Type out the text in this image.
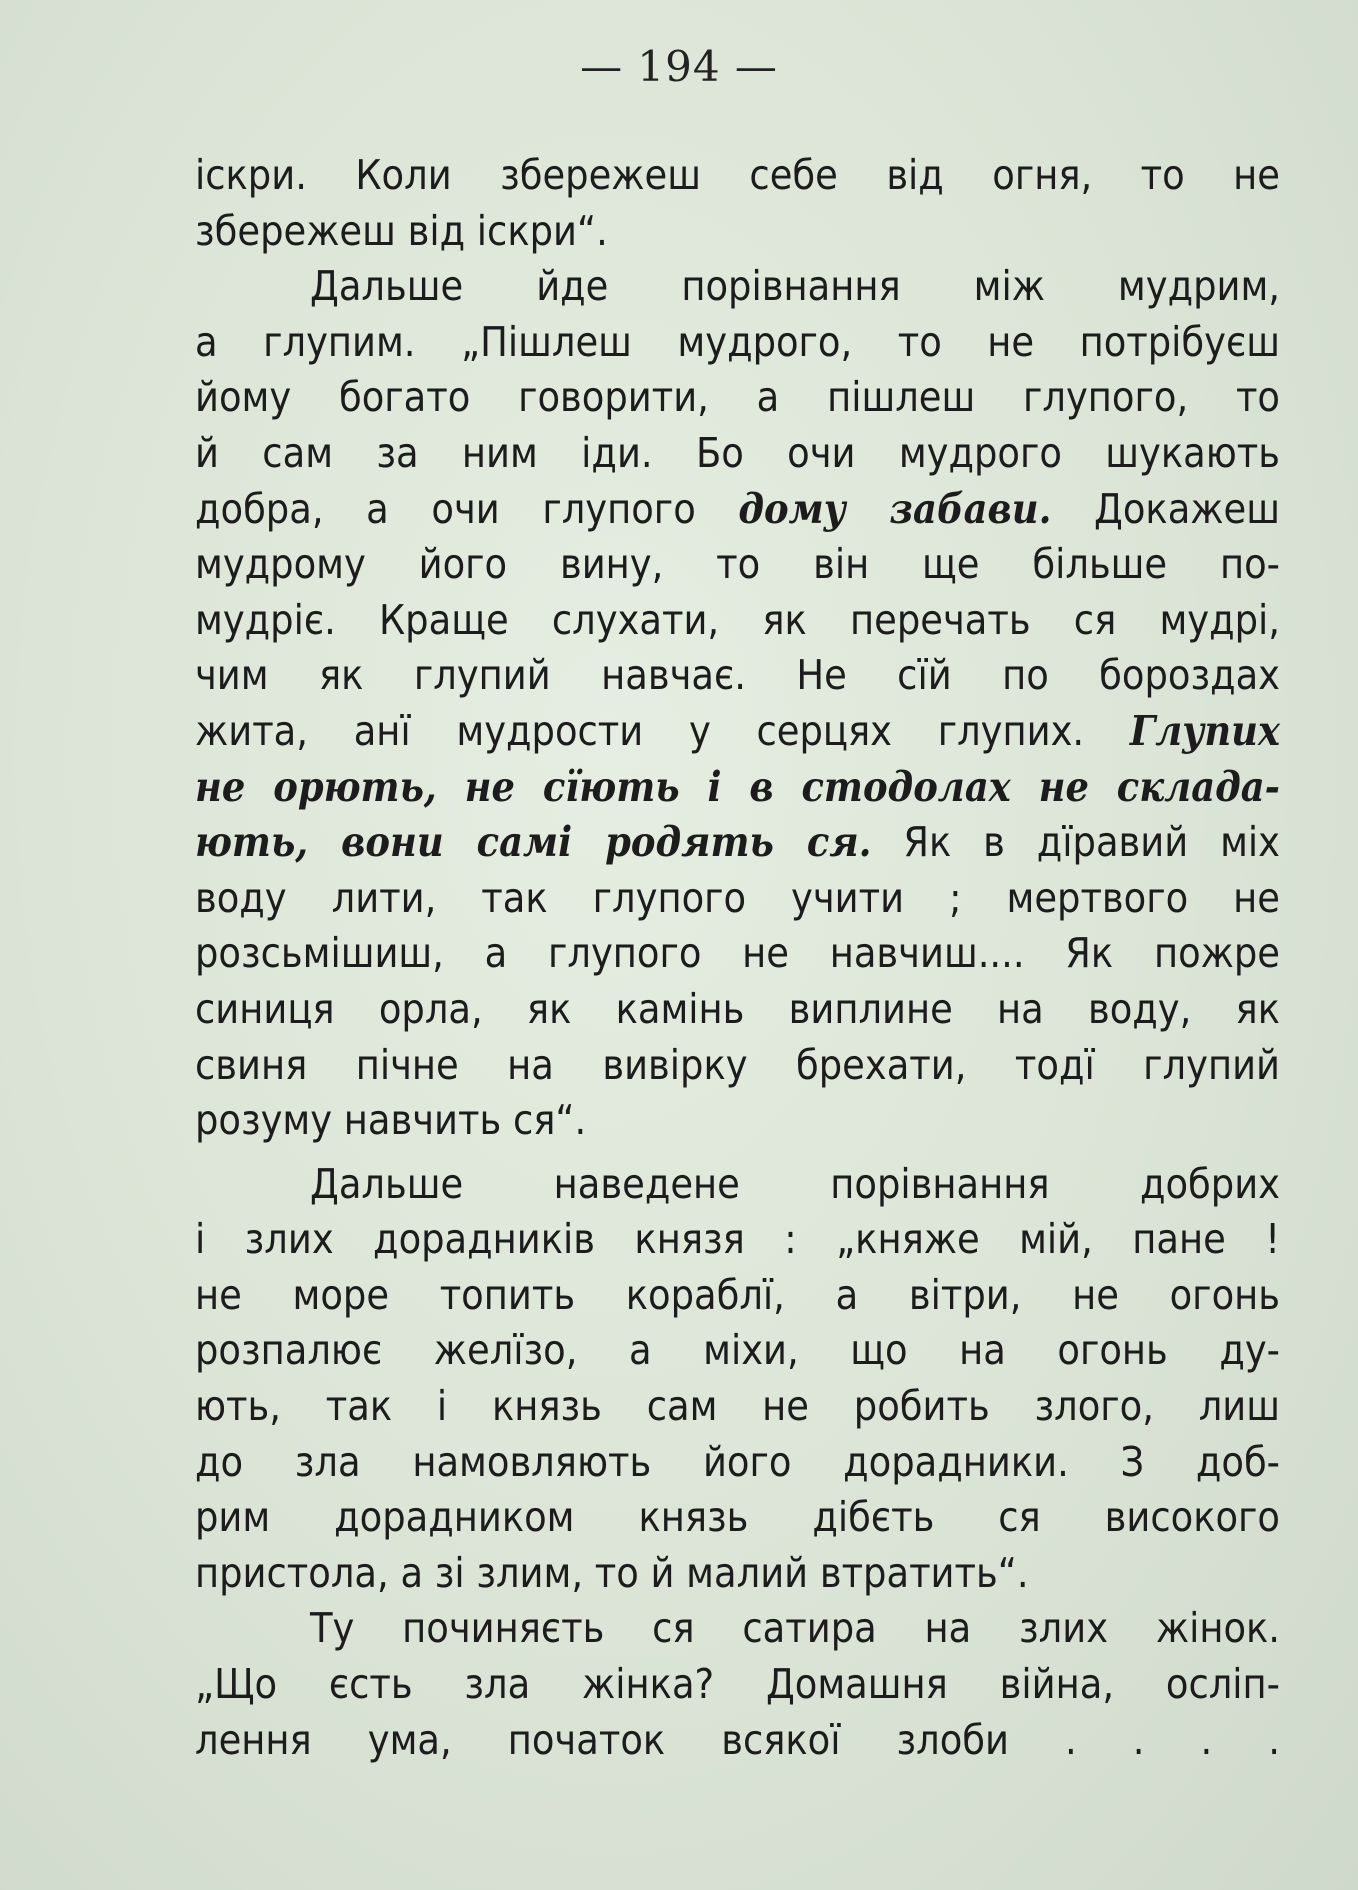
— 194 —
іскри. Коли збережеш себе від огня, то не
збережеш від іскри“.
Дальше йде порівнання між мудрим,
а глупим. „Пішлеш мудрого, то не потрібуєш
йому богато говорити, а пішлеш глупого, то
й сам за ним іди. Бо очи мудрого шукають
добра, а очи глупого дому забави. Докажеш
мудрому його вину, то він ще більше по-
мудріє. Краще слухати, як перечать ся мудрі,
чим як глупий навчає. Не сїй по бороздах
жита, анї мудрости у серцях глупих. Глупих
не орють, не сїють і в стодолах не склада-
ють, вони самі родять ся. Як в дїравий міх
воду лити, так глупого учити ; мертвого не
розсьмішиш, а глупого не навчиш.... Як пожре
синиця орла, як камінь виплине на воду, як
свиня пічне на вивірку брехати, тодї глупий
розуму навчить ся“.
Дальше наведене порівнання добрих
і злих дорадників князя : „княже мій, пане !
не море топить кораблї, а вітри, не огонь
розпалює желїзо, а міхи, що на огонь ду-
ють, так і князь сам не робить злого, лиш
до зла намовляють його дорадники. З доб-
рим дорадником князь дібєть ся високого
пристола, а зі злим, то й малий втратить“.
Ту починяєть ся сатира на злих жінок.
„Що єсть зла жінка? Домашня війна, осліп-
лення ума, початок всякої злоби . . . .
